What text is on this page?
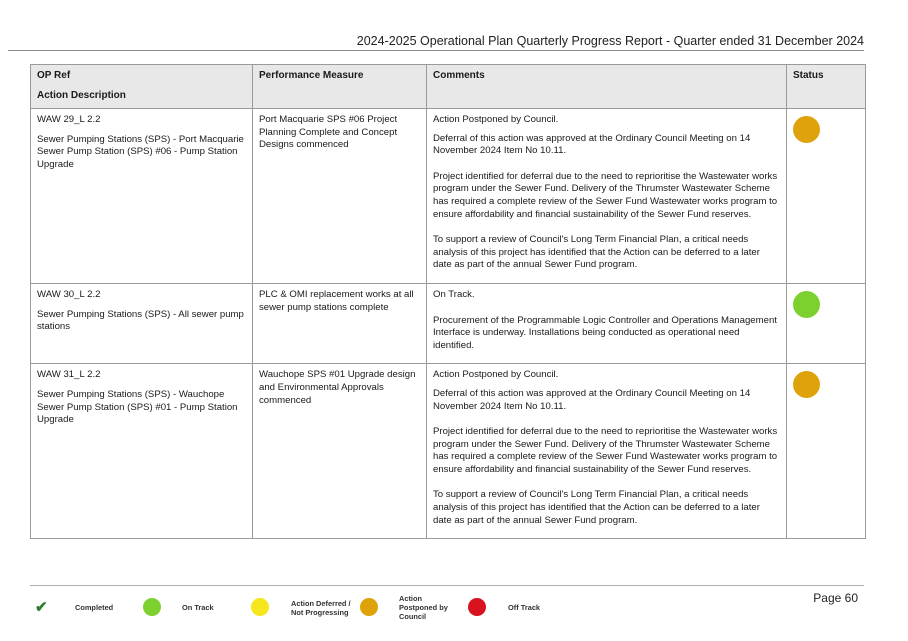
2024-2025 Operational Plan Quarterly Progress Report - Quarter ended 31 December 2024
OP Ref
Action Description	Performance Measure	Comments	Status

WAW 29_L 2.2
Sewer Pumping Stations (SPS) - Port Macquarie Sewer Pump Station (SPS) #06 - Pump Station Upgrade	Port Macquarie SPS #06 Project Planning Complete and Concept Designs commenced	Action Postponed by Council.
Deferral of this action was approved at the Ordinary Council Meeting on 14 November 2024 Item No 10.11.
Project identified for deferral due to the need to reprioritise the Wastewater works program under the Sewer Fund. Delivery of the Thrumster Wastewater Scheme has required a complete review of the Sewer Fund Wastewater works program to ensure affordability and financial sustainability of the Sewer Fund reserves.
To support a review of Council's Long Term Financial Plan, a critical needs analysis of this project has identified that the Action can be deferred to a later date as part of the annual Sewer Fund program.	

WAW 30_L 2.2
Sewer Pumping Stations (SPS) - All sewer pump stations	PLC & OMI replacement works at all sewer pump stations complete	On Track.
Procurement of the Programmable Logic Controller and Operations Management Interface is underway. Installations being conducted as operational need identified.	

WAW 31_L 2.2
Sewer Pumping Stations (SPS) - Wauchope Sewer Pump Station (SPS) #01 - Pump Station Upgrade	Wauchope SPS #01 Upgrade design and Environmental Approvals commenced	Action Postponed by Council.
Deferral of this action was approved at the Ordinary Council Meeting on 14 November 2024 Item No 10.11.
Project identified for deferral due to the need to reprioritise the Wastewater works program under the Sewer Fund. Delivery of the Thrumster Wastewater Scheme has required a complete review of the Sewer Fund Wastewater works program to ensure affordability and financial sustainability of the Sewer Fund reserves.
To support a review of Council's Long Term Financial Plan, a critical needs analysis of this project has identified that the Action can be deferred to a later date as part of the annual Sewer Fund program.	

Page 60
✔	Completed	On Track	Action Deferred /
Not Progressing
Action
Postponed by
Council
Off Track
